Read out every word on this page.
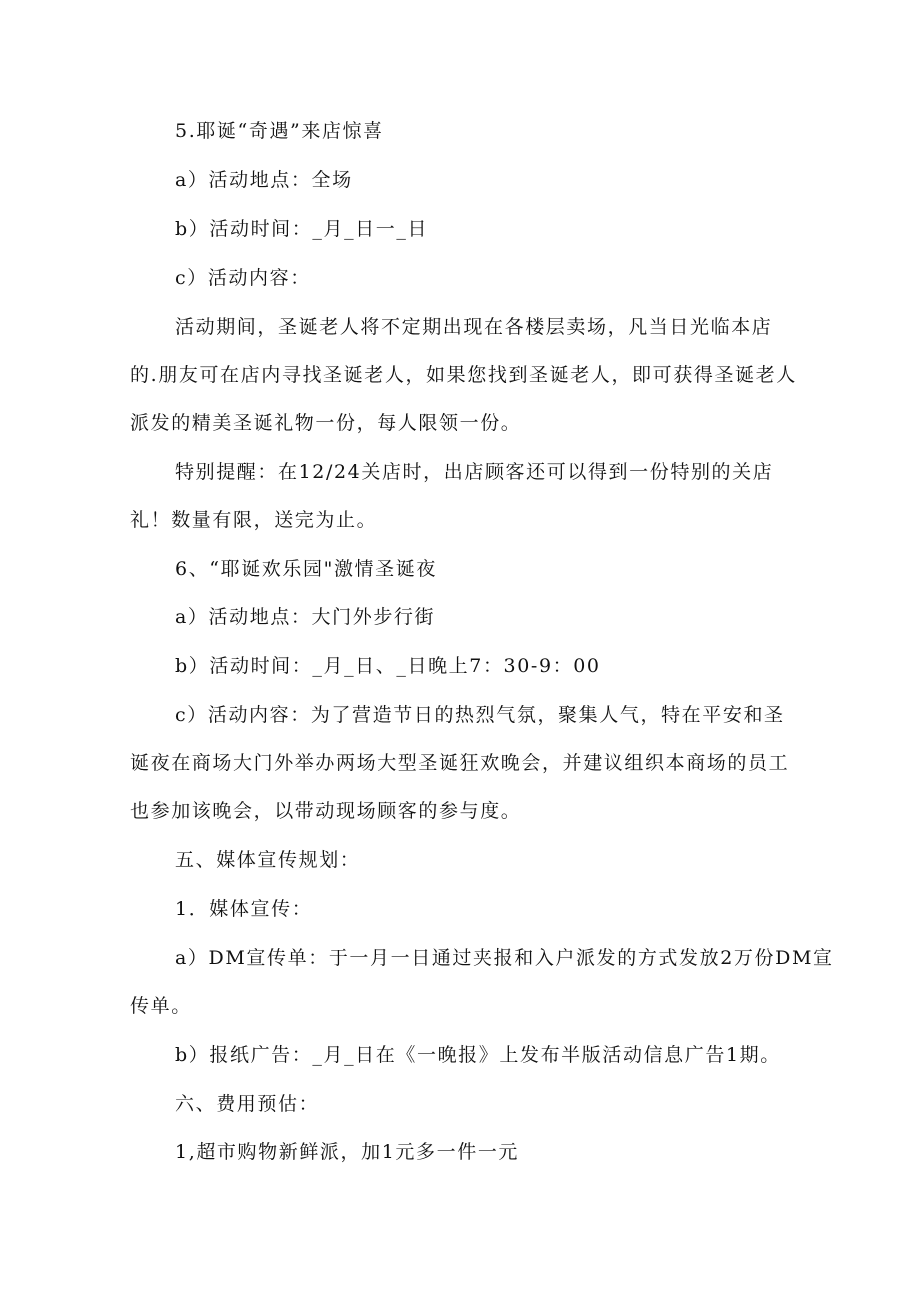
5.耶诞“奇遇”来店惊喜
a）活动地点：全场
b）活动时间：_月_日一_日
c）活动内容：
活动期间，圣诞老人将不定期出现在各楼层卖场，凡当日光临本店
的.朋友可在店内寻找圣诞老人，如果您找到圣诞老人，即可获得圣诞老人
派发的精美圣诞礼物一份，每人限领一份。
特别提醒：在12/24关店时，出店顾客还可以得到一份特别的关店
礼！数量有限，送完为止。
6、“耶诞欢乐园"激情圣诞夜
a）活动地点：大门外步行街
b）活动时间：_月_日、_日晚上7：30-9：00
c）活动内容：为了营造节日的热烈气氛，聚集人气，特在平安和圣
诞夜在商场大门外举办两场大型圣诞狂欢晚会，并建议组织本商场的员工
也参加该晚会，以带动现场顾客的参与度。
五、媒体宣传规划：
1．媒体宣传：
a）DM宣传单：于一月一日通过夹报和入户派发的方式发放2万份DM宣
传单。
b）报纸广告：_月_日在《一晚报》上发布半版活动信息广告1期。
六、费用预估：
1,超市购物新鲜派，加1元多一件一元
